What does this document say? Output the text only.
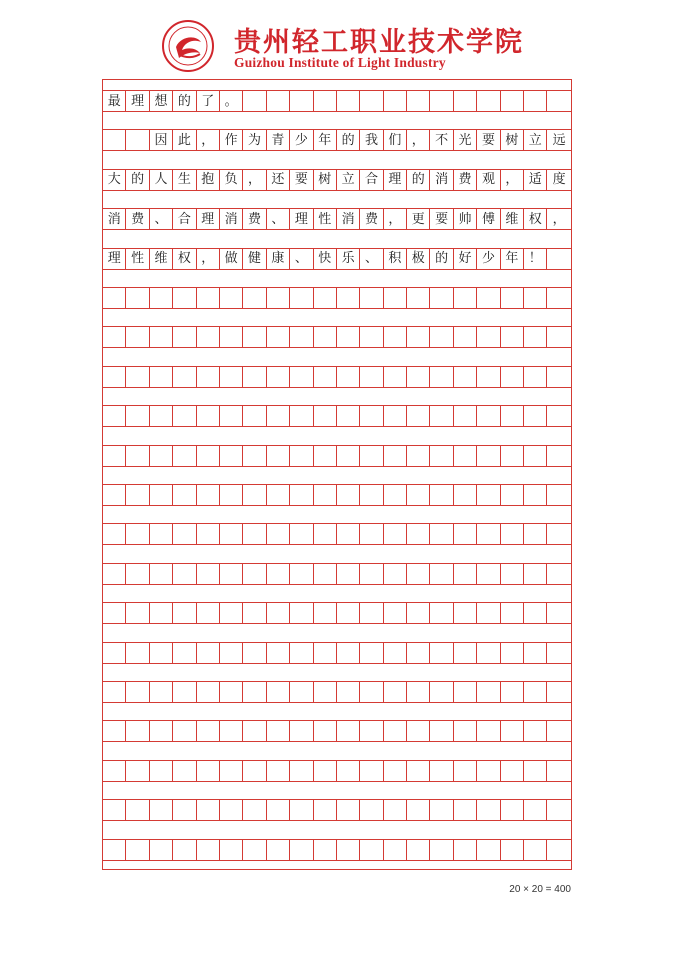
贵州轻工职业技术学院
Guizhou Institute of Light Industry
最 理 想 的 了 。
因 此 ， 作 为 青 少 年 的 我 们 ， 不 光 要 树 立 远
大 的 人 生 抱 负 ， 还 要 树 立 合 理 的 消 费 观 ， 适 度
消 费 、 合 理 消 费 、 理 性 消 费 ， 更 要 帅 傅 维 权 ，
理 性 维 权 ， 做 健 康 、 快 乐 、 积 极 的 好 少 年 ！
20 × 20 = 400
